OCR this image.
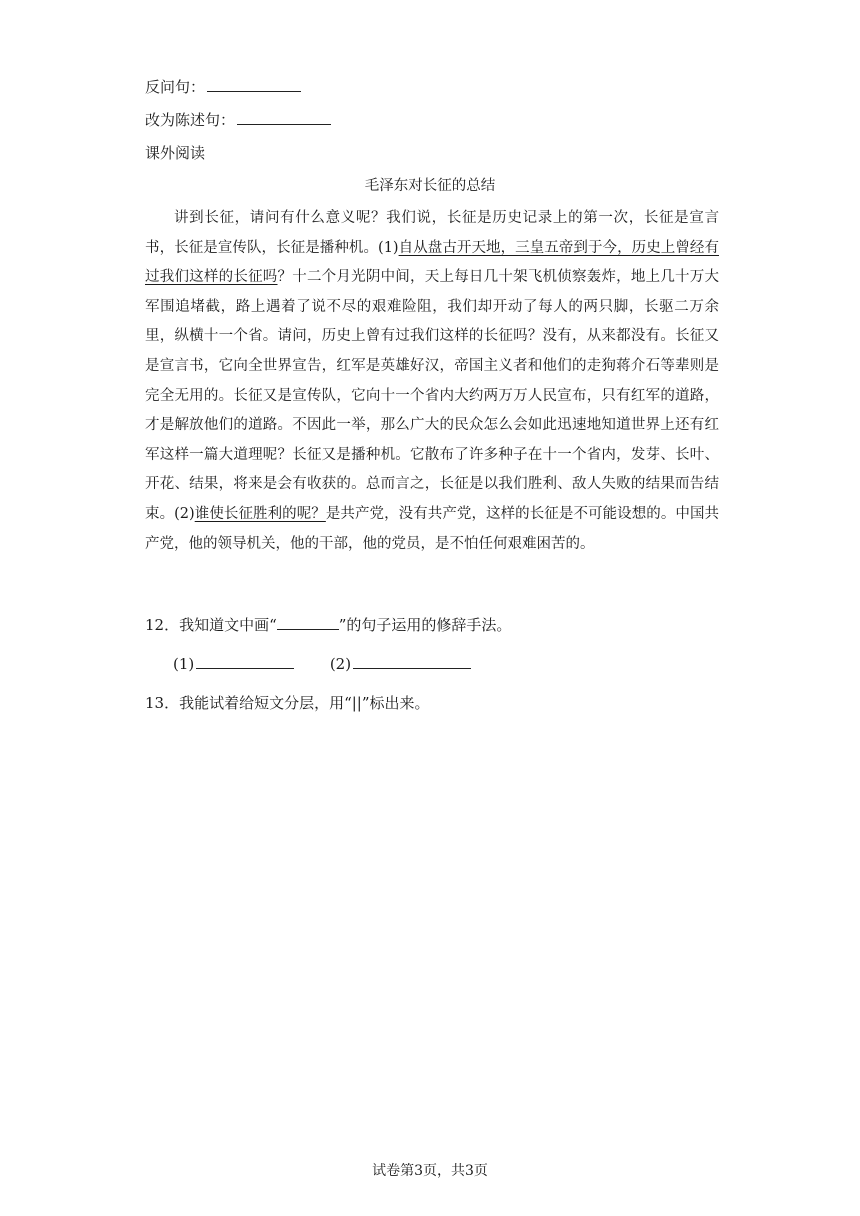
反问句：
改为陈述句：
课外阅读
毛泽东对长征的总结

讲到长征，请问有什么意义呢？我们说，长征是历史记录上的第一次，长征是宣言书，长征是宣传队，长征是播种机。(1)自从盘古开天地，三皇五帝到于今，历史上曾经有过我们这样的长征吗？十二个月光阴中间，天上每日几十架飞机侦察轰炸，地上几十万大军围追堵截，路上遇着了说不尽的艰难险阻，我们却开动了每人的两只脚，长驱二万余里，纵横十一个省。请问，历史上曾有过我们这样的长征吗？没有，从来都没有。长征又是宣言书，它向全世界宣告，红军是英雄好汉，帝国主义者和他们的走狗蒋介石等辈则是完全无用的。长征又是宣传队，它向十一个省内大约两万万人民宣布，只有红军的道路，才是解放他们的道路。不因此一举，那么广大的民众怎么会如此迅速地知道世界上还有红军这样一篇大道理呢？长征又是播种机。它散布了许多种子在十一个省内，发芽、长叶、开花、结果，将来是会有收获的。总而言之，长征是以我们胜利、敌人失败的结果而告结束。(2)谁使长征胜利的呢？是共产党，没有共产党，这样的长征是不可能设想的。中国共产党，他的领导机关，他的干部，他的党员，是不怕任何艰难困苦的。

12．我知道文中画“	”的句子运用的修辞手法。
(1)	(2)
13．我能试着给短文分层，用“||”标出来。
试卷第3页，共3页
